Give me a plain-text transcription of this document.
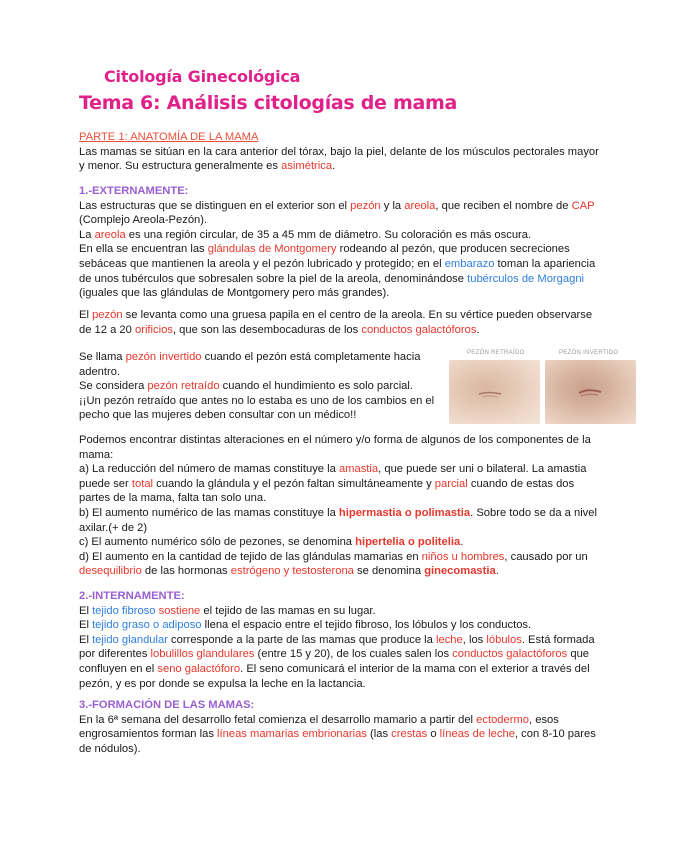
Citología Ginecológica
Tema 6: Análisis citologías de mama

PARTE 1: ANATOMÍA DE LA MAMA

Las mamas se sitúan en la cara anterior del tórax, bajo la piel, delante de los músculos pectorales mayor y menor. Su estructura generalmente es asimétrica.

1.-EXTERNAMENTE:

Las estructuras que se distinguen en el exterior son el pezón y la areola, que reciben el nombre de CAP (Complejo Areola-Pezón).

La areola es una región circular, de 35 a 45 mm de diámetro. Su coloración es más oscura.

En ella se encuentran las glándulas de Montgomery rodeando al pezón, que producen secreciones sebáceas que mantienen la areola y el pezón lubricado y protegido; en el embarazo toman la apariencia de unos tubérculos que sobresalen sobre la piel de la areola, denominándose tubérculos de Morgagni (iguales que las glándulas de Montgomery pero más grandes).

El pezón se levanta como una gruesa papila en el centro de la areola. En su vértice pueden observarse de 12 a 20 orificios, que son las desembocaduras de los conductos galactóforos.

Se llama pezón invertido cuando el pezón está completamente hacia adentro.

Se considera pezón retraído cuando el hundimiento es solo parcial.

¡¡Un pezón retraído que antes no lo estaba es uno de los cambios en el pecho que las mujeres deben consultar con un médico!!

PEZÓN RETRAÍDO	PEZÓN INVERTIDO

Podemos encontrar distintas alteraciones en el número y/o forma de algunos de los componentes de la mama:

a) La reducción del número de mamas constituye la amastia, que puede ser uni o bilateral. La amastia puede ser total cuando la glándula y el pezón faltan simultáneamente y parcial cuando de estas dos partes de la mama, falta tan solo una.

b) El aumento numérico de las mamas constituye la hipermastia o polimastia. Sobre todo se da a nivel axilar.(+ de 2)

c) El aumento numérico sólo de pezones, se denomina hipertelia o politelia.

d) El aumento en la cantidad de tejido de las glándulas mamarias en niños u hombres, causado por un desequilibrio de las hormonas estrógeno y testosterona se denomina ginecomastia.

2.-INTERNAMENTE:

El tejido fibroso sostiene el tejido de las mamas en su lugar.

El tejido graso o adiposo llena el espacio entre el tejido fibroso, los lóbulos y los conductos.

El tejido glandular corresponde a la parte de las mamas que produce la leche, los lóbulos. Está formada por diferentes lobulillos glandulares (entre 15 y 20), de los cuales salen los conductos galactóforos que confluyen en el seno galactóforo. El seno comunicará el interior de la mama con el exterior a través del pezón, y es por donde se expulsa la leche en la lactancia.

3.-FORMACIÓN DE LAS MAMAS:

En la 6ª semana del desarrollo fetal comienza el desarrollo mamario a partir del ectodermo, esos engrosamientos forman las líneas mamarias embrionarias (las crestas o líneas de leche, con 8-10 pares de nódulos).
